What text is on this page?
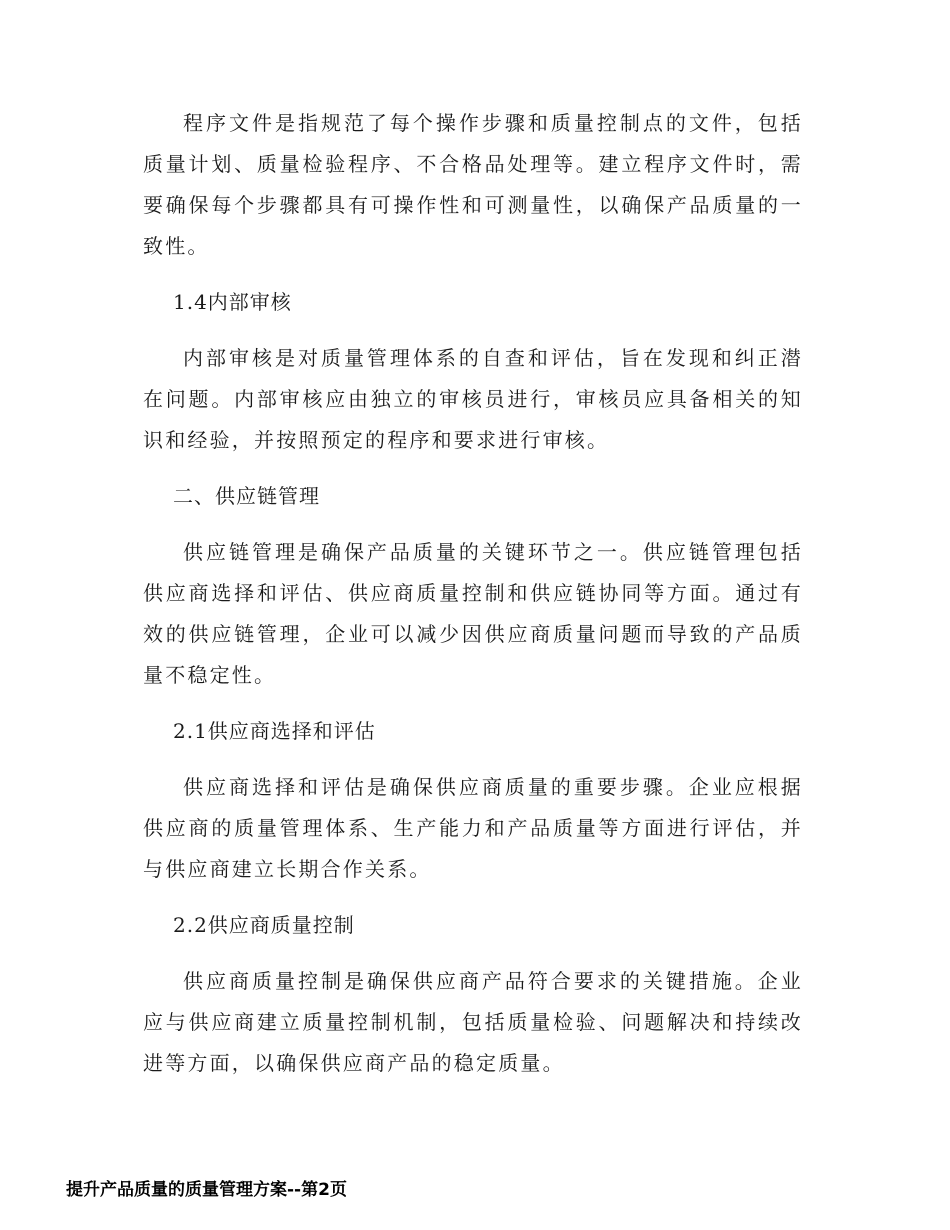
程序文件是指规范了每个操作步骤和质量控制点的文件，包括质量计划、质量检验程序、不合格品处理等。建立程序文件时，需要确保每个步骤都具有可操作性和可测量性，以确保产品质量的一致性。

1.4内部审核

内部审核是对质量管理体系的自查和评估，旨在发现和纠正潜在问题。内部审核应由独立的审核员进行，审核员应具备相关的知识和经验，并按照预定的程序和要求进行审核。

二、供应链管理

供应链管理是确保产品质量的关键环节之一。供应链管理包括供应商选择和评估、供应商质量控制和供应链协同等方面。通过有效的供应链管理，企业可以减少因供应商质量问题而导致的产品质量不稳定性。

2.1供应商选择和评估

供应商选择和评估是确保供应商质量的重要步骤。企业应根据供应商的质量管理体系、生产能力和产品质量等方面进行评估，并与供应商建立长期合作关系。

2.2供应商质量控制

供应商质量控制是确保供应商产品符合要求的关键措施。企业应与供应商建立质量控制机制，包括质量检验、问题解决和持续改进等方面，以确保供应商产品的稳定质量。

提升产品质量的质量管理方案--第2页
